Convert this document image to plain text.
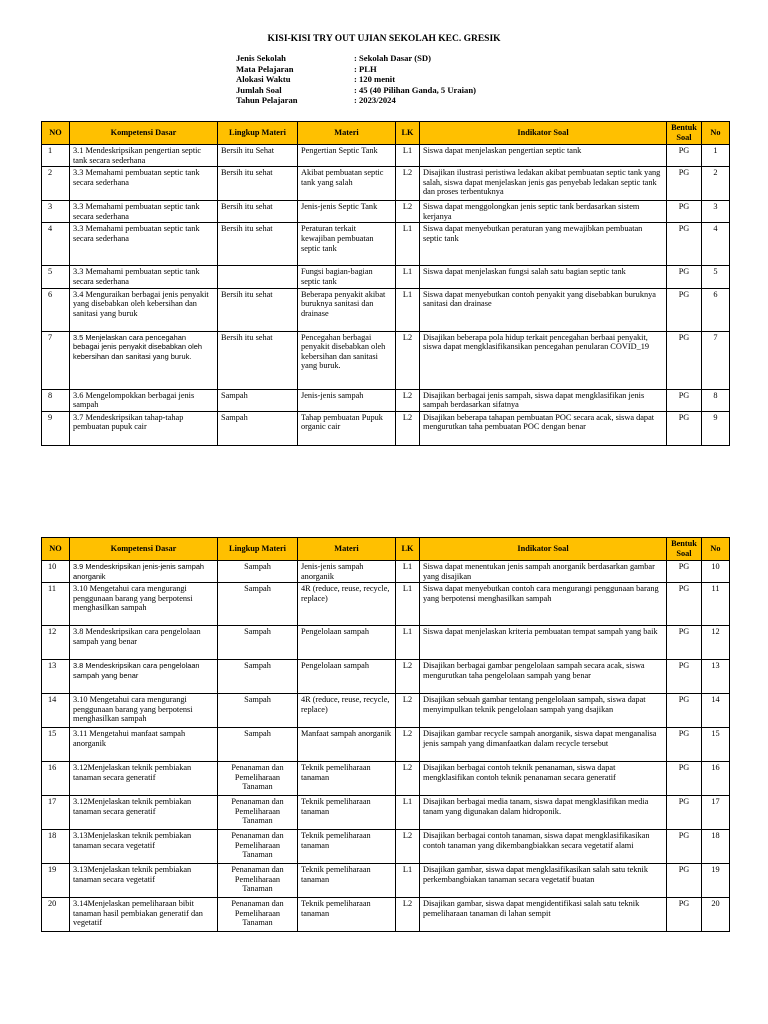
KISI-KISI TRY OUT UJIAN SEKOLAH KEC. GRESIK
Jenis Sekolah	: Sekolah Dasar (SD)
Mata Pelajaran	: PLH
Alokasi Waktu	: 120 menit
Jumlah Soal	: 45 (40 Pilihan Ganda, 5 Uraian)
Tahun Pelajaran	: 2023/2024
NO	Kompetensi Dasar	Lingkup Materi	Materi	LK	Indikator Soal	Bentuk Soal	No
1	3.1 Mendeskripsikan pengertian septic tank secara sederhana	Bersih itu Sehat	Pengertian Septic Tank	L1	Siswa dapat menjelaskan pengertian septic tank	PG	1
2	3.3 Memahami pembuatan septic tank secara sederhana	Bersih itu sehat	Akibat pembuatan septic tank yang salah	L2	Disajikan ilustrasi peristiwa ledakan akibat pembuatan septic tank yang salah, siswa dapat menjelaskan jenis gas penyebab ledakan septic tank dan proses terbentuknya	PG	2
3	3.3 Memahami pembuatan septic tank secara sederhana	Bersih itu sehat	Jenis-jenis Septic Tank	L2	Siswa dapat menggolongkan jenis septic tank berdasarkan sistem kerjanya	PG	3
4	3.3 Memahami pembuatan septic tank secara sederhana	Bersih itu sehat	Peraturan terkait kewajiban pembuatan septic tank	L1	Siswa dapat menyebutkan peraturan yang mewajibkan pembuatan septic tank	PG	4
5	3.3 Memahami pembuatan septic tank secara sederhana		Fungsi bagian-bagian septic tank	L1	Siswa dapat menjelaskan fungsi salah satu bagian septic tank	PG	5
6	3.4 Menguraikan berbagai jenis penyakit yang disebabkan oleh kebersihan dan sanitasi yang buruk	Bersih itu sehat	Beberapa penyakit akibat buruknya sanitasi dan drainase	L1	Siswa dapat menyebutkan contoh penyakit yang disebabkan buruknya sanitasi dan drainase	PG	6
7	3.5 Menjelaskan cara pencegahan bebagai jenis penyakit disebabkan oleh kebersihan dan sanitasi yang buruk.	Bersih itu sehat	Pencegahan berbagai penyakit disebabkan oleh kebersihan dan sanitasi yang buruk.	L2	Disajikan beberapa pola hidup terkait pencegahan berbaai penyakit, siswa dapat mengklasifikansikan pencegahan penularan COVID_19	PG	7
8	3.6 Mengelompokkan berbagai jenis sampah	Sampah	Jenis-jenis sampah	L2	Disajikan berbagai jenis sampah, siswa dapat mengklasifikan jenis sampah berdasarkan sifatnya	PG	8
9	3.7 Mendeskripsikan tahap-tahap pembuatan pupuk cair	Sampah	Tahap pembuatan Pupuk organic cair	L2	Disajikan beberapa tahapan pembuatan POC secara acak, siswa dapat mengurutkan taha pembuatan POC dengan benar	PG	9
NO	Kompetensi Dasar	Lingkup Materi	Materi	LK	Indikator Soal	Bentuk Soal	No
10	3.9 Mendeskripsikan jenis-jenis sampah anorganik	Sampah	Jenis-jenis sampah anorganik	L1	Siswa dapat menentukan jenis sampah anorganik berdasarkan gambar yang disajikan	PG	10
11	3.10 Mengetahui cara mengurangi penggunaan barang yang berpotensi menghasilkan sampah	Sampah	4R (reduce, reuse, recycle, replace)	L1	Siswa dapat menyebutkan contoh cara mengurangi penggunaan barang yang berpotensi menghasilkan sampah	PG	11
12	3.8 Mendeskripsikan cara pengelolaan sampah yang benar	Sampah	Pengelolaan sampah	L1	Siswa dapat menjelaskan kriteria pembuatan tempat sampah yang baik	PG	12
13	3.8 Mendeskripsikan cara pengelolaan sampah yang benar	Sampah	Pengelolaan sampah	L2	Disajikan berbagai gambar pengelolaan sampah secara acak, siswa mengurutkan taha pengelolaan sampah yang benar	PG	13
14	3.10 Mengetahui cara mengurangi penggunaan barang yang berpotensi menghasilkan sampah	Sampah	4R (reduce, reuse, recycle, replace)	L2	Disajikan sebuah gambar tentang pengelolaan sampah, siswa dapat menyimpulkan teknik pengelolaan sampah yang dsajikan	PG	14
15	3.11 Mengetahui manfaat sampah anorganik	Sampah	Manfaat sampah anorganik	L2	Disajikan gambar recycle sampah anorganik, siswa dapat menganalisa jenis sampah yang dimanfaatkan dalam recycle tersebut	PG	15
16	3.12Menjelaskan teknik pembiakan tanaman secara generatif	Penanaman dan Pemeliharaan Tanaman	Teknik pemeliharaan tanaman	L2	Disajikan berbagai contoh teknik penanaman, siswa dapat mengklasifikan contoh teknik penanaman secara generatif	PG	16
17	3.12Menjelaskan teknik pembiakan tanaman secara generatif	Penanaman dan Pemeliharaan Tanaman	Teknik pemeliharaan tanaman	L1	Disajikan berbagai media tanam, siswa dapat mengklasifikan media tanam yang digunakan dalam hidroponik.	PG	17
18	3.13Menjelaskan teknik pembiakan tanaman secara vegetatif	Penanaman dan Pemeliharaan Tanaman	Teknik pemeliharaan tanaman	L2	Disajikan berbagai contoh tanaman, siswa dapat mengklasifikasikan contoh tanaman yang dikembangbiakkan secara vegetatif alami	PG	18
19	3.13Menjelaskan teknik pembiakan tanaman secara vegetatif	Penanaman dan Pemeliharaan Tanaman	Teknik pemeliharaan tanaman	L1	Disajikan gambar, siswa dapat mengklasifikasikan salah satu teknik perkembangbiakan tanaman secara vegetatif buatan	PG	19
20	3.14Menjelaskan pemeliharaan bibit tanaman hasil pembiakan generatif dan vegetatif	Penanaman dan Pemeliharaan Tanaman	Teknik pemeliharaan tanaman	L2	Disajikan gambar, siswa dapat mengidentifikasi salah satu teknik pemeliharaan tanaman di lahan sempit	PG	20
